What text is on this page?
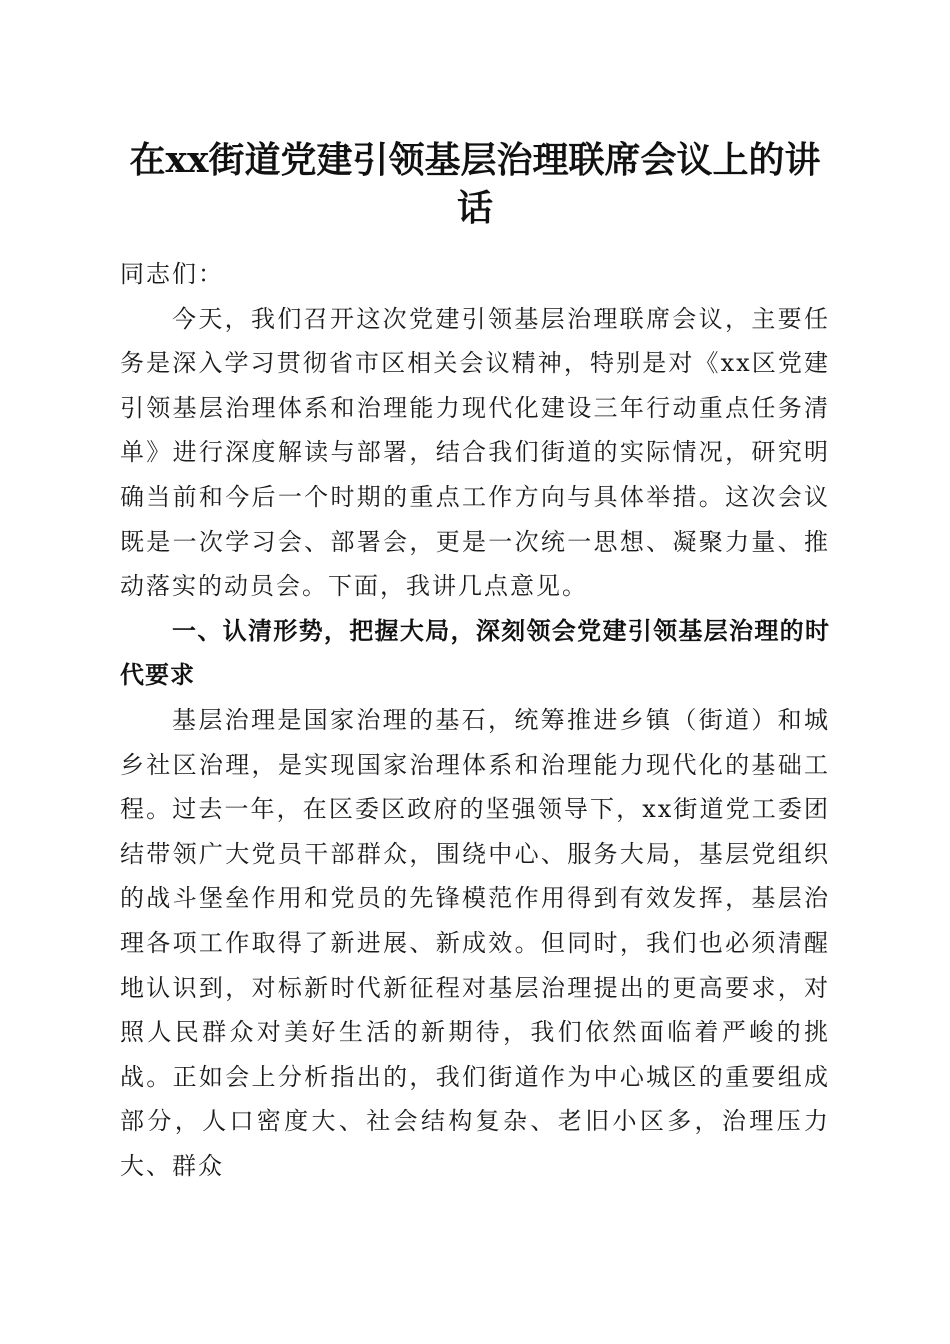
在xx街道党建引领基层治理联席会议上的讲话

同志们：

今天，我们召开这次党建引领基层治理联席会议，主要任务是深入学习贯彻省市区相关会议精神，特别是对《xx区党建引领基层治理体系和治理能力现代化建设三年行动重点任务清单》进行深度解读与部署，结合我们街道的实际情况，研究明确当前和今后一个时期的重点工作方向与具体举措。这次会议既是一次学习会、部署会，更是一次统一思想、凝聚力量、推动落实的动员会。下面，我讲几点意见。

一、认清形势，把握大局，深刻领会党建引领基层治理的时代要求

基层治理是国家治理的基石，统筹推进乡镇（街道）和城乡社区治理，是实现国家治理体系和治理能力现代化的基础工程。过去一年，在区委区政府的坚强领导下，xx街道党工委团结带领广大党员干部群众，围绕中心、服务大局，基层党组织的战斗堡垒作用和党员的先锋模范作用得到有效发挥，基层治理各项工作取得了新进展、新成效。但同时，我们也必须清醒地认识到，对标新时代新征程对基层治理提出的更高要求，对照人民群众对美好生活的新期待，我们依然面临着严峻的挑战。正如会上分析指出的，我们街道作为中心城区的重要组成部分，人口密度大、社会结构复杂、老旧小区多，治理压力大、群众
